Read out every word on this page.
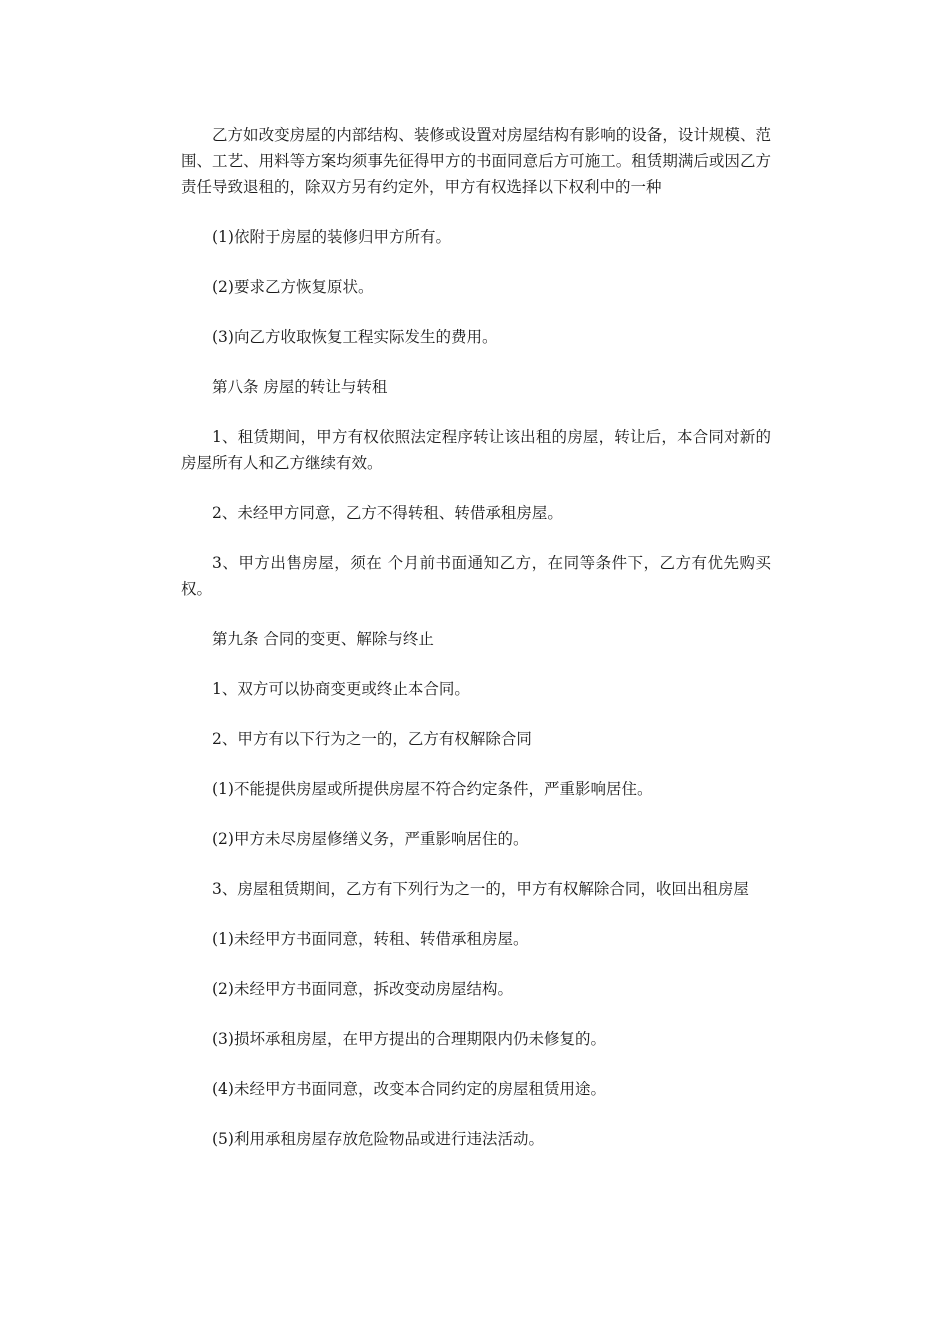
乙方如改变房屋的内部结构、装修或设置对房屋结构有影响的设备，设计规模、范围、工艺、用料等方案均须事先征得甲方的书面同意后方可施工。租赁期满后或因乙方责任导致退租的，除双方另有约定外，甲方有权选择以下权利中的一种

(1)依附于房屋的装修归甲方所有。

(2)要求乙方恢复原状。

(3)向乙方收取恢复工程实际发生的费用。

第八条 房屋的转让与转租

1、租赁期间，甲方有权依照法定程序转让该出租的房屋，转让后，本合同对新的房屋所有人和乙方继续有效。

2、未经甲方同意，乙方不得转租、转借承租房屋。

3、甲方出售房屋，须在 个月前书面通知乙方，在同等条件下，乙方有优先购买权。

第九条 合同的变更、解除与终止

1、双方可以协商变更或终止本合同。

2、甲方有以下行为之一的，乙方有权解除合同

(1)不能提供房屋或所提供房屋不符合约定条件，严重影响居住。

(2)甲方未尽房屋修缮义务，严重影响居住的。

3、房屋租赁期间，乙方有下列行为之一的，甲方有权解除合同，收回出租房屋

(1)未经甲方书面同意，转租、转借承租房屋。

(2)未经甲方书面同意，拆改变动房屋结构。

(3)损坏承租房屋，在甲方提出的合理期限内仍未修复的。

(4)未经甲方书面同意，改变本合同约定的房屋租赁用途。

(5)利用承租房屋存放危险物品或进行违法活动。
